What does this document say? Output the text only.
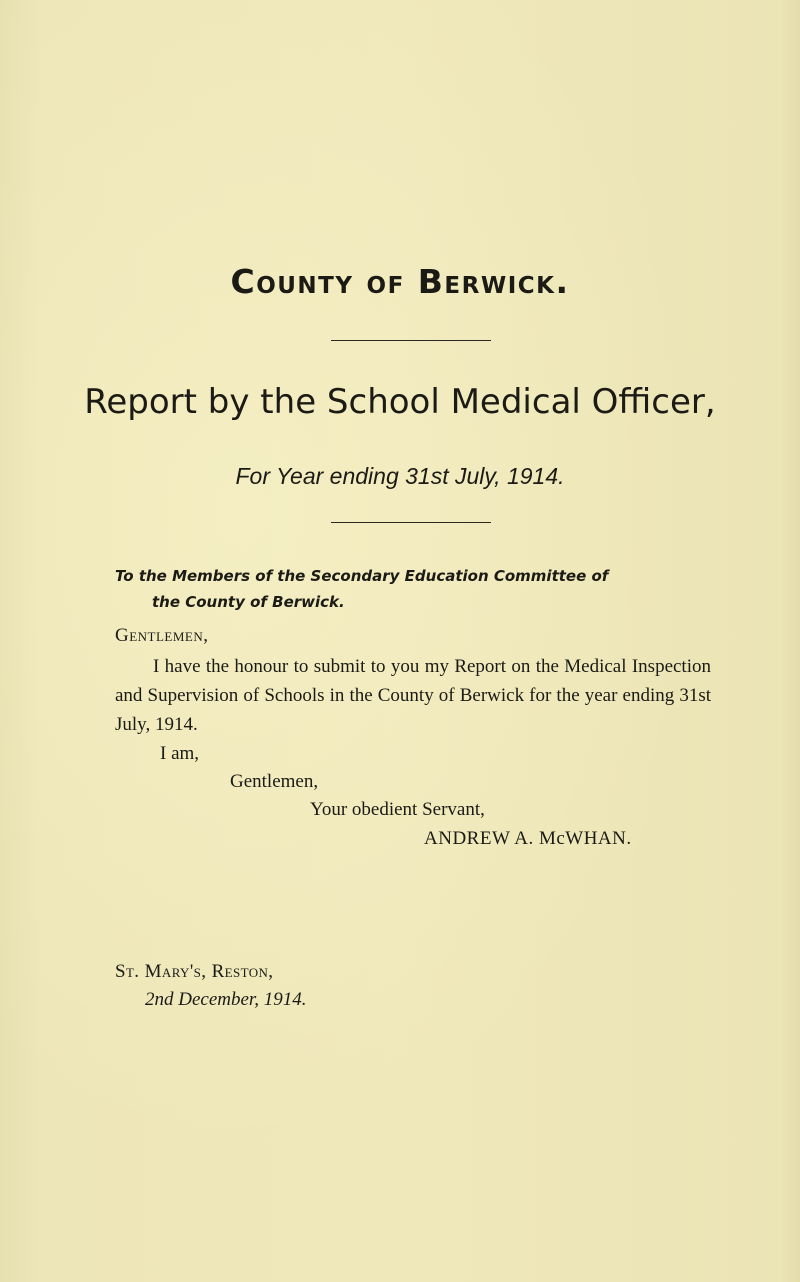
County of Berwick.
Report by the School Medical Officer,
For Year ending 31st July, 1914.
To the Members of the Secondary Education Committee of
the County of Berwick.
Gentlemen,
I have the honour to submit to you my Report on the Medical Inspection and Supervision of Schools in the County of Berwick for the year ending 31st July, 1914.
I am,
Gentlemen,
Your obedient Servant,
ANDREW A. McWHAN.
St. Mary's, Reston,
2nd December, 1914.
